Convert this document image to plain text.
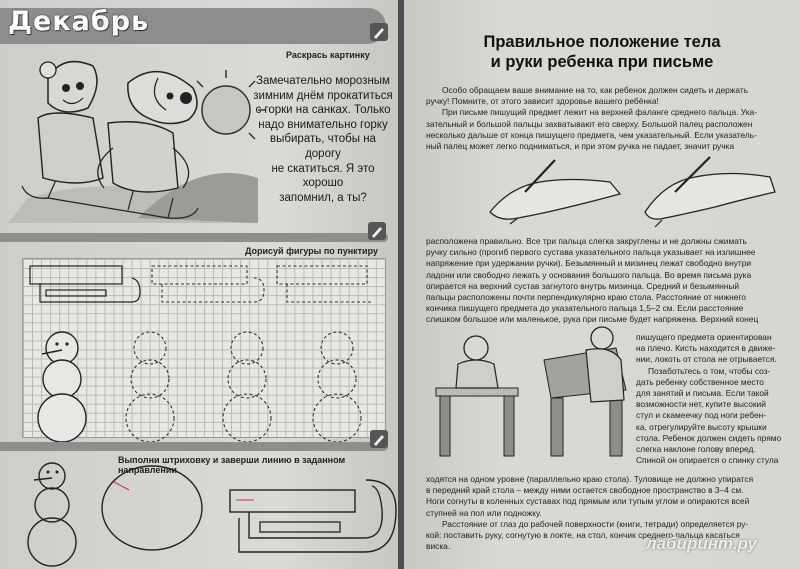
Декабрь
Раскрась картинку
Замечательно морозным
зимним днём прокатиться
с горки на санках. Только
надо внимательно горку
выбирать, чтобы на дорогу
не скатиться. Я это хорошо
запомнил, а ты?
Дорисуй фигуры по пунктиру
Выполни штриховку и заверши линию в заданном направлении
Правильное положение тела
и руки ребенка при письме
Особо обращаем ваше внимание на то, как ребенок должен сидеть и держать
ручку! Помните, от этого зависит здоровье вашего ребёнка!
При письме пишущий предмет лежит на верхней фаланге среднего пальца. Ука-
зательный и большой пальцы захватывают его сверху. Большой палец расположен
несколько дальше от конца пишущего предмета, чем указательный. Если указатель-
ный палец может легко подниматься, и при этом ручка не падает, значит ручка
расположена правильно. Все три пальца слегка закруглены и не должны сжимать
ручку сильно (прогиб первого сустава указательного пальца указывает на излишнее
напряжение при удержании ручки). Безымянный и мизинец лежат свободно внутри
ладони или свободно лежать у основания большого пальца. Во время письма рука
опирается на верхний сустав загнутого внутрь мизинца. Средний и безымянный
пальцы расположены почти перпендикулярно краю стола. Расстояние от нижнего
кончика пишущего предмета до указательного пальца 1,5–2 см. Если расстояние
слишком большое или маленькое, рука при письме будет напряжена. Верхний конец
пишущего предмета ориентирован
на плечо. Кисть находится в движе-
нии, локоть от стола не отрывается.
Позаботьтесь о том, чтобы соз-
дать ребенку собственное место
для занятий и письма. Если такой
возможности нет, купите высокий
стул и скамеечку под ноги ребен-
ка, отрегулируйте высоту крышки
стола. Ребенок должен сидеть прямо
слегка наклоне голову вперед.
Спиной он опирается о спинку стула
ходятся на одном уровне (параллельно краю стола). Туловище не должно упиратся
в передний край стола – между ними остается свободное пространство в 3–4 см.
Ноги согнуты в коленных суставах под прямым или тупым углом и опираются всей
ступней на пол или подножку.
Расстояние от глаз до рабочей поверхности (книги, тетради) определяется ру-
кой: поставить руку, согнутую в локте, на стол, кончик среднего пальца касаться
виска.	лабиринт.ру
